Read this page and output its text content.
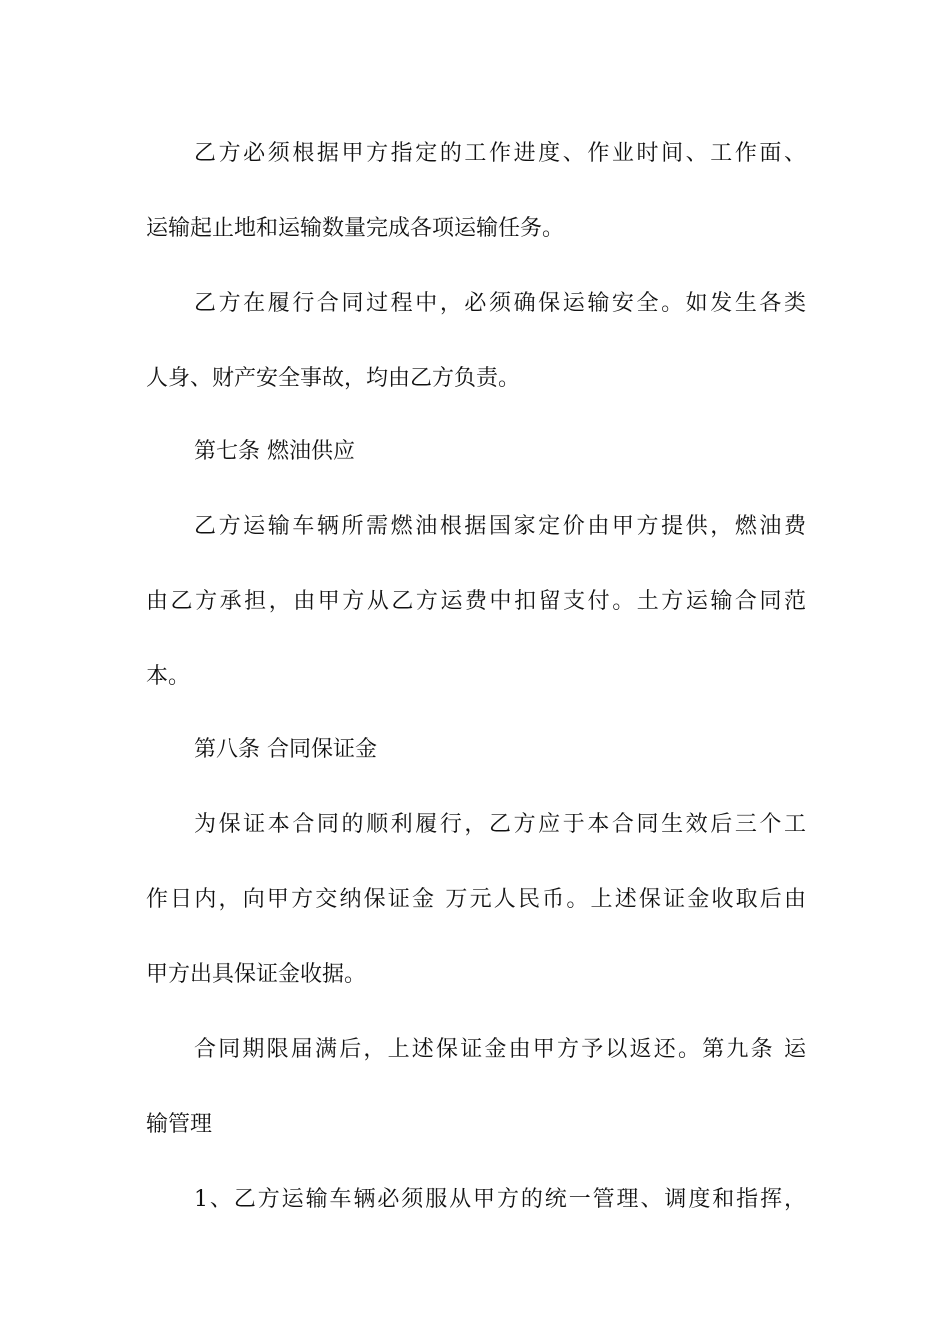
乙方必须根据甲方指定的工作进度、作业时间、工作面、
运输起止地和运输数量完成各项运输任务。
乙方在履行合同过程中，必须确保运输安全。如发生各类
人身、财产安全事故，均由乙方负责。
第七条 燃油供应
乙方运输车辆所需燃油根据国家定价由甲方提供，燃油费
由乙方承担，由甲方从乙方运费中扣留支付。土方运输合同范
本。
第八条 合同保证金
为保证本合同的顺利履行，乙方应于本合同生效后三个工
作日内，向甲方交纳保证金 万元人民币。上述保证金收取后由
甲方出具保证金收据。
合同期限届满后，上述保证金由甲方予以返还。第九条 运
输管理
1、乙方运输车辆必须服从甲方的统一管理、调度和指挥，
